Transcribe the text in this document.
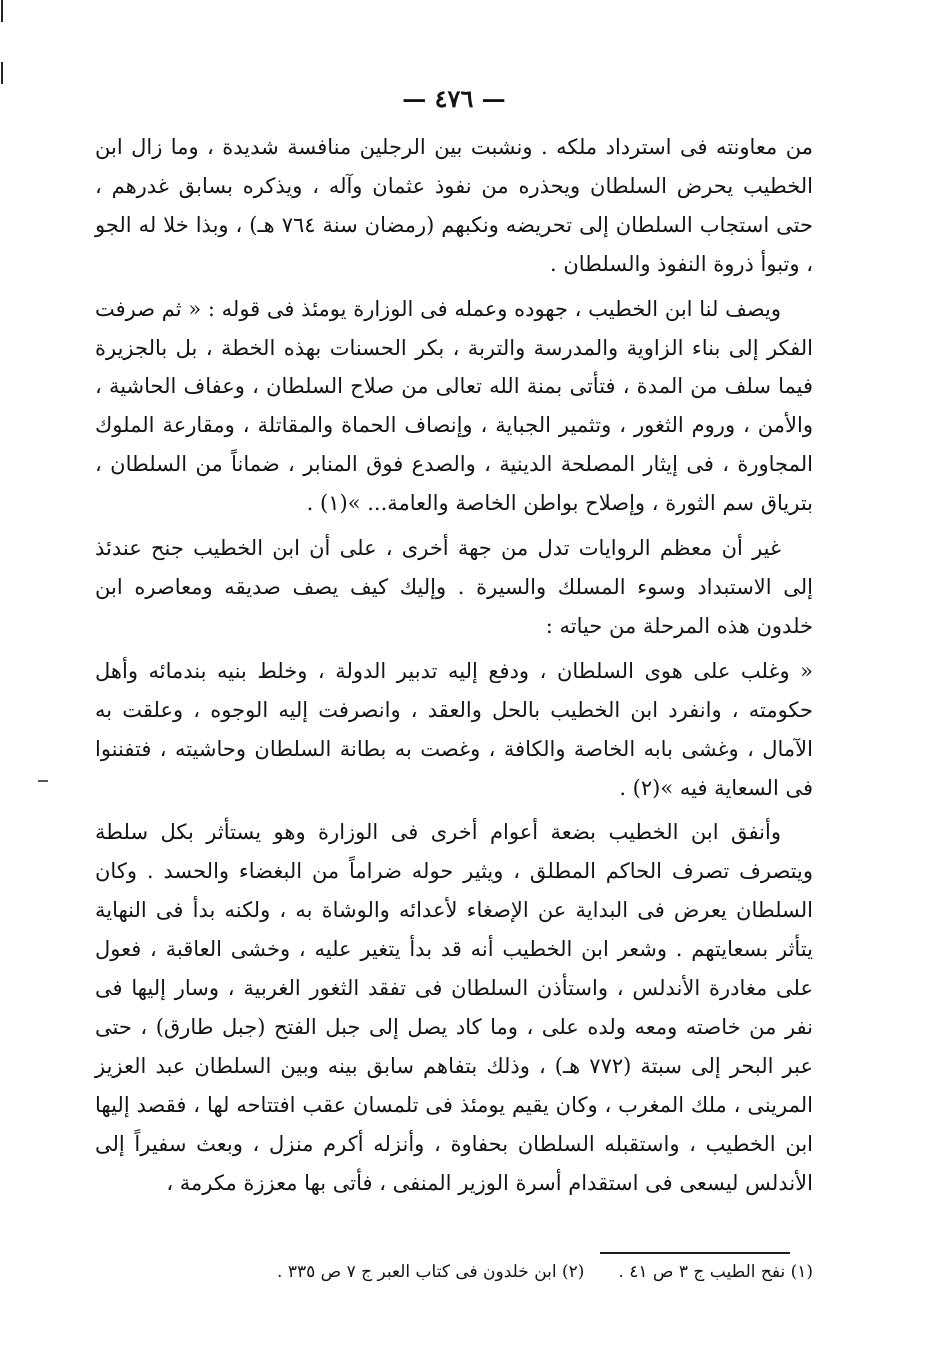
— ٤٧٦ —

من معاونته فى استرداد ملكه . ونشبت بين الرجلين منافسة شديدة ، وما زال ابن الخطيب يحرض السلطان ويحذره من نفوذ عثمان وآله ، ويذكره بسابق غدرهم ، حتى استجاب السلطان إلى تحريضه ونكبهم (رمضان سنة ٧٦٤ هـ) ، وبذا خلا له الجو ، وتبوأ ذروة النفوذ والسلطان .

ويصف لنا ابن الخطيب ، جهوده وعمله فى الوزارة يومئذ فى قوله : « ثم صرفت الفكر إلى بناء الزاوية والمدرسة والتربة ، بكر الحسنات بهذه الخطة ، بل بالجزيرة فيما سلف من المدة ، فتأتى بمنة الله تعالى من صلاح السلطان ، وعفاف الحاشية ، والأمن ، وروم الثغور ، وتثمير الجباية ، وإنصاف الحماة والمقاتلة ، ومقارعة الملوك المجاورة ، فى إيثار المصلحة الدينية ، والصدع فوق المنابر ، ضماناً من السلطان ، بترياق سم الثورة ، وإصلاح بواطن الخاصة والعامة... »(١) .

غير أن معظم الروايات تدل من جهة أخرى ، على أن ابن الخطيب جنح عندئذ إلى الاستبداد وسوء المسلك والسيرة . وإليك كيف يصف صديقه ومعاصره ابن خلدون هذه المرحلة من حياته :

« وغلب على هوى السلطان ، ودفع إليه تدبير الدولة ، وخلط بنيه بندمائه وأهل حكومته ، وانفرد ابن الخطيب بالحل والعقد ، وانصرفت إليه الوجوه ، وعلقت به الآمال ، وغشى بابه الخاصة والكافة ، وغصت به بطانة السلطان وحاشيته ، فتفننوا فى السعاية فيه »(٢) .

وأنفق ابن الخطيب بضعة أعوام أخرى فى الوزارة وهو يستأثر بكل سلطة ويتصرف تصرف الحاكم المطلق ، ويثير حوله ضراماً من البغضاء والحسد . وكان السلطان يعرض فى البداية عن الإصغاء لأعدائه والوشاة به ، ولكنه بدأ فى النهاية يتأثر بسعايتهم . وشعر ابن الخطيب أنه قد بدأ يتغير عليه ، وخشى العاقبة ، فعول على مغادرة الأندلس ، واستأذن السلطان فى تفقد الثغور الغربية ، وسار إليها فى نفر من خاصته ومعه ولده على ، وما كاد يصل إلى جبل الفتح (جبل طارق) ، حتى عبر البحر إلى سبتة (٧٧٢ هـ) ، وذلك بتفاهم سابق بينه وبين السلطان عبد العزيز المرينى ، ملك المغرب ، وكان يقيم يومئذ فى تلمسان عقب افتتاحه لها ، فقصد إليها ابن الخطيب ، واستقبله السلطان بحفاوة ، وأنزله أكرم منزل ، وبعث سفيراً إلى الأندلس ليسعى فى استقدام أسرة الوزير المنفى ، فأتى بها معززة مكرمة ،

(١) نفح الطيب ج ٣ ص ٤١ .(٢) ابن خلدون فى كتاب العبر ج ٧ ص ٣٣٥ .
